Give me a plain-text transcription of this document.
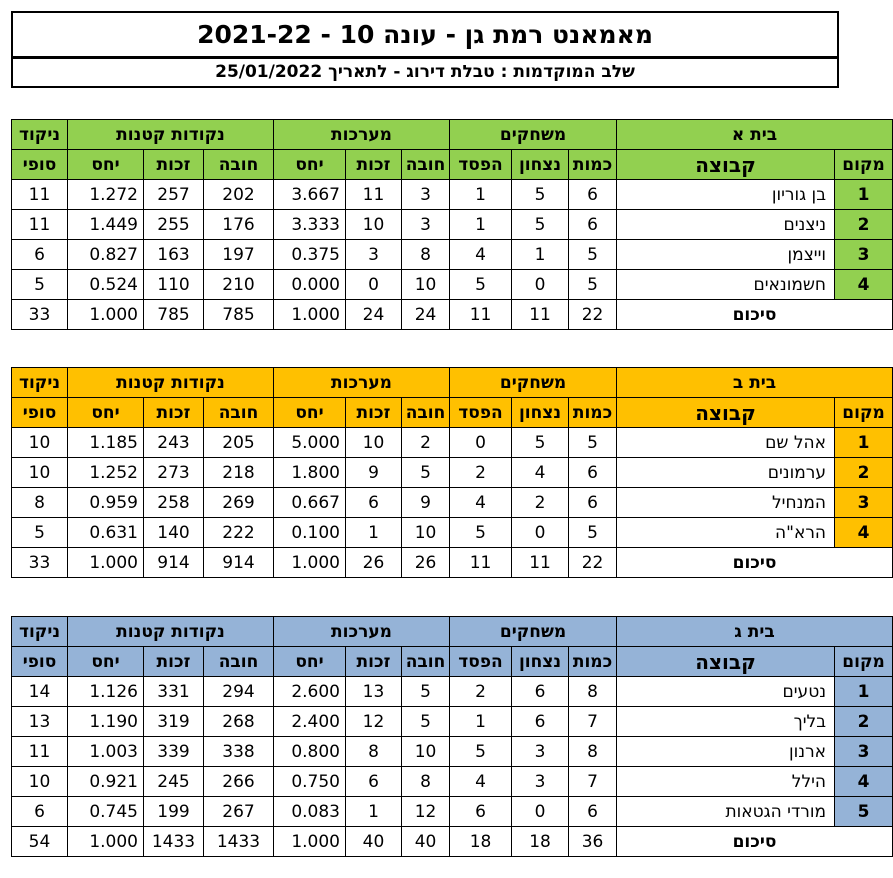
מאמאנט רמת גן - עונה 10 - 2021-22
שלב המוקדמות : טבלת דירוג - לתאריך 25/01/2022
ניקוד	נקודות קטנות			מערכות			משחקים			בית א	
סופי	יחס	זכות	חובה	יחס	זכות	חובה	הפסד	נצחון	כמות	קבוצה	מקום
11	1.272	257	202	3.667	11	3	1	5	6	בן גוריון	1
11	1.449	255	176	3.333	10	3	1	5	6	ניצנים	2
6	0.827	163	197	0.375	3	8	4	1	5	וייצמן	3
5	0.524	110	210	0.000	0	10	5	0	5	חשמונאים	4
33	1.000	785	785	1.000	24	24	11	11	22	סיכום	
ניקוד	נקודות קטנות			מערכות			משחקים			בית ב	
סופי	יחס	זכות	חובה	יחס	זכות	חובה	הפסד	נצחון	כמות	קבוצה	מקום
10	1.185	243	205	5.000	10	2	0	5	5	אהל שם	1
10	1.252	273	218	1.800	9	5	2	4	6	ערמונים	2
8	0.959	258	269	0.667	6	9	4	2	6	המנחיל	3
5	0.631	140	222	0.100	1	10	5	0	5	הרא"ה	4
33	1.000	914	914	1.000	26	26	11	11	22	סיכום	
ניקוד	נקודות קטנות			מערכות			משחקים			בית ג	
סופי	יחס	זכות	חובה	יחס	זכות	חובה	הפסד	נצחון	כמות	קבוצה	מקום
14	1.126	331	294	2.600	13	5	2	6	8	נטעים	1
13	1.190	319	268	2.400	12	5	1	6	7	בליך	2
11	1.003	339	338	0.800	8	10	5	3	8	ארנון	3
10	0.921	245	266	0.750	6	8	4	3	7	הילל	4
6	0.745	199	267	0.083	1	12	6	0	6	מורדי הגטאות	5
54	1.000	1433	1433	1.000	40	40	18	18	36	סיכום	
